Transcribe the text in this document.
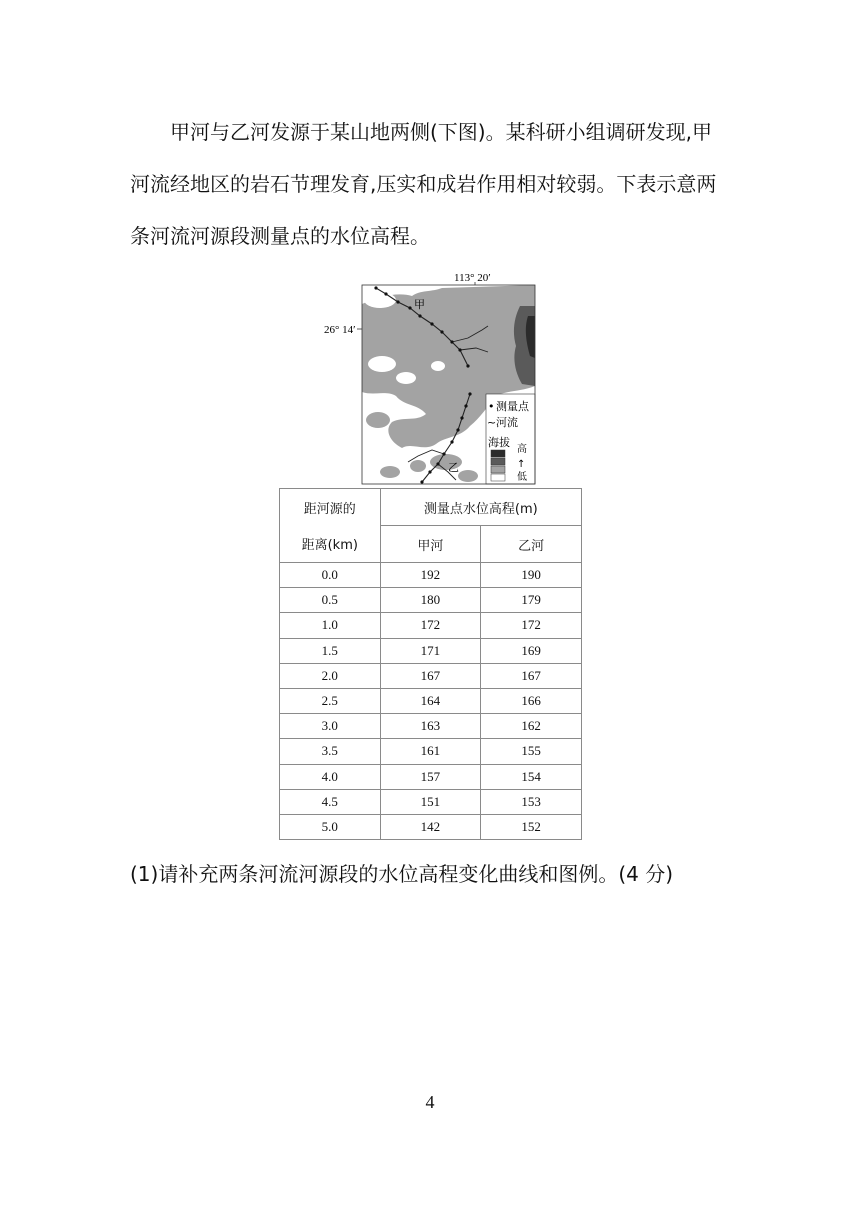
甲河与乙河发源于某山地两侧(下图)。某科研小组调研发现,甲
河流经地区的岩石节理发育,压实和成岩作用相对较弱。下表示意两
条河流河源段测量点的水位高程。
113° 20′
26° 14′
甲
乙
• 测量点
~ 河流
海拔
高
↑
低
距河源的	测量点水位高程(m)	
距离(km)	甲河	乙河
0.0	192	190
0.5	180	179
1.0	172	172
1.5	171	169
2.0	167	167
2.5	164	166
3.0	163	162
3.5	161	155
4.0	157	154
4.5	151	153
5.0	142	152
(1)请补充两条河流河源段的水位高程变化曲线和图例。(4 分)
4
